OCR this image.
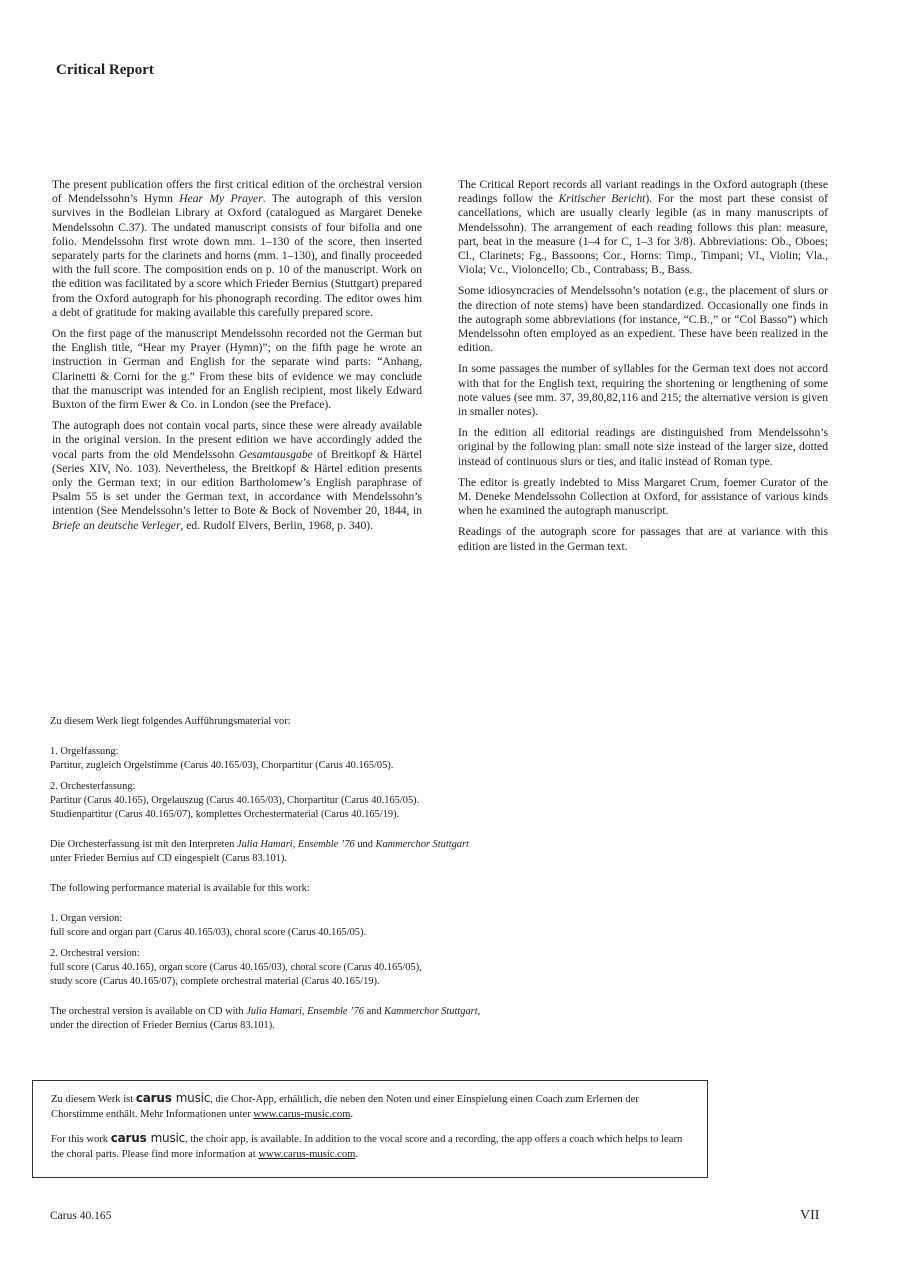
Critical Report

The present publication offers the first critical edition of the orchestral version of Mendelssohn’s Hymn Hear My Prayer. The autograph of this version survives in the Bodleian Library at Oxford (catalogued as Margaret Deneke Mendelssohn C.37). The undated manuscript consists of four bifolia and one folio. Mendelssohn first wrote down mm. 1–130 of the score, then inserted separately parts for the clarinets and horns (mm. 1–130), and finally proceeded with the full score. The composition ends on p. 10 of the manuscript. Work on the edition was facilitated by a score which Frieder Bernius (Stuttgart) prepared from the Oxford autograph for his phonograph recording. The editor owes him a debt of gratitude for making available this carefully prepared score.

On the first page of the manuscript Mendelssohn recorded not the German but the English title, “Hear my Prayer (Hymn)”; on the fifth page he wrote an instruction in German and English for the separate wind parts: “Anhang, Clarinetti & Corni for the g.” From these bits of evidence we may conclude that the manuscript was intended for an English recipient, most likely Edward Buxton of the firm Ewer & Co. in London (see the Preface).

The autograph does not contain vocal parts, since these were already available in the original version. In the present edition we have accordingly added the vocal parts from the old Mendelssohn Gesamtausgabe of Breitkopf & Härtel (Series XIV, No. 103). Nevertheless, the Breitkopf & Härtel edition presents only the German text; in our edition Bartholomew’s English paraphrase of Psalm 55 is set under the German text, in accordance with Mendelssohn’s intention (See Mendelssohn’s letter to Bote & Bock of November 20, 1844, in Briefe an deutsche Verleger, ed. Rudolf Elvers, Berlin, 1968, p. 340).

The Critical Report records all variant readings in the Oxford autograph (these readings follow the Kritischer Bericht). For the most part these consist of cancellations, which are usually clearly legible (as in many manuscripts of Mendelssohn). The arrangement of each reading follows this plan: measure, part, beat in the measure (1–4 for C, 1–3 for 3/8). Abbreviations: Ob., Oboes; Cl., Clarinets; Fg., Bassoons; Cor., Horns: Timp., Timpani; Vl., Violin; Vla., Viola; Vc., Violoncello; Cb., Contrabass; B., Bass.

Some idiosyncracies of Mendelssohn’s notation (e.g., the placement of slurs or the direction of note stems) have been standardized. Occasionally one finds in the autograph some abbreviations (for instance, “C.B.,” or “Col Basso”) which Mendelssohn often employed as an expedient. These have been realized in the edition.

In some passages the number of syllables for the German text does not accord with that for the English text, requiring the shortening or lengthening of some note values (see mm. 37, 39,80,82,116 and 215; the alternative version is given in smaller notes).

In the edition all editorial readings are distinguished from Mendelssohn’s original by the following plan: small note size instead of the larger size, dotted instead of continuous slurs or ties, and italic instead of Roman type.

The editor is greatly indebted to Miss Margaret Crum, foemer Curator of the M. Deneke Mendelssohn Collection at Oxford, for assistance of various kinds when he examined the autograph manuscript.

Readings of the autograph score for passages that are at variance with this edition are listed in the German text.

Zu diesem Werk liegt folgendes Aufführungsmaterial vor:

1. Orgelfassung:
Partitur, zugleich Orgelstimme (Carus 40.165/03), Chorpartitur (Carus 40.165/05).

2. Orchesterfassung:
Partitur (Carus 40.165), Orgelauszug (Carus 40.165/03), Chorpartitur (Carus 40.165/05).
Studienpartitur (Carus 40.165/07), komplettes Orchestermaterial (Carus 40.165/19).

Die Orchesterfassung ist mit den Interpreten Julia Hamari, Ensemble ’76 und Kammerchor Stuttgart
unter Frieder Bernius auf CD eingespielt (Carus 83.101).

The following performance material is available for this work:

1. Organ version:
full score and organ part (Carus 40.165/03), choral score (Carus 40.165/05).

2. Orchestral version:
full score (Carus 40.165), organ score (Carus 40.165/03), choral score (Carus 40.165/05),
study score (Carus 40.165/07), complete orchestral material (Carus 40.165/19).

The orchestral version is available on CD with Julia Hamari, Ensemble ’76 and Kammerchor Stuttgart,
under the direction of Frieder Bernius (Carus 83.101).

Zu diesem Werk ist carus music, die Chor-App, erhältlich, die neben den Noten und einer Einspielung einen Coach zum Erlernen der Chorstimme enthält. Mehr Informationen unter www.carus-music.com.

For this work carus music, the choir app, is available. In addition to the vocal score and a recording, the app offers a coach which helps to learn the choral parts. Please find more information at www.carus-music.com.

Carus 40.165	VII
